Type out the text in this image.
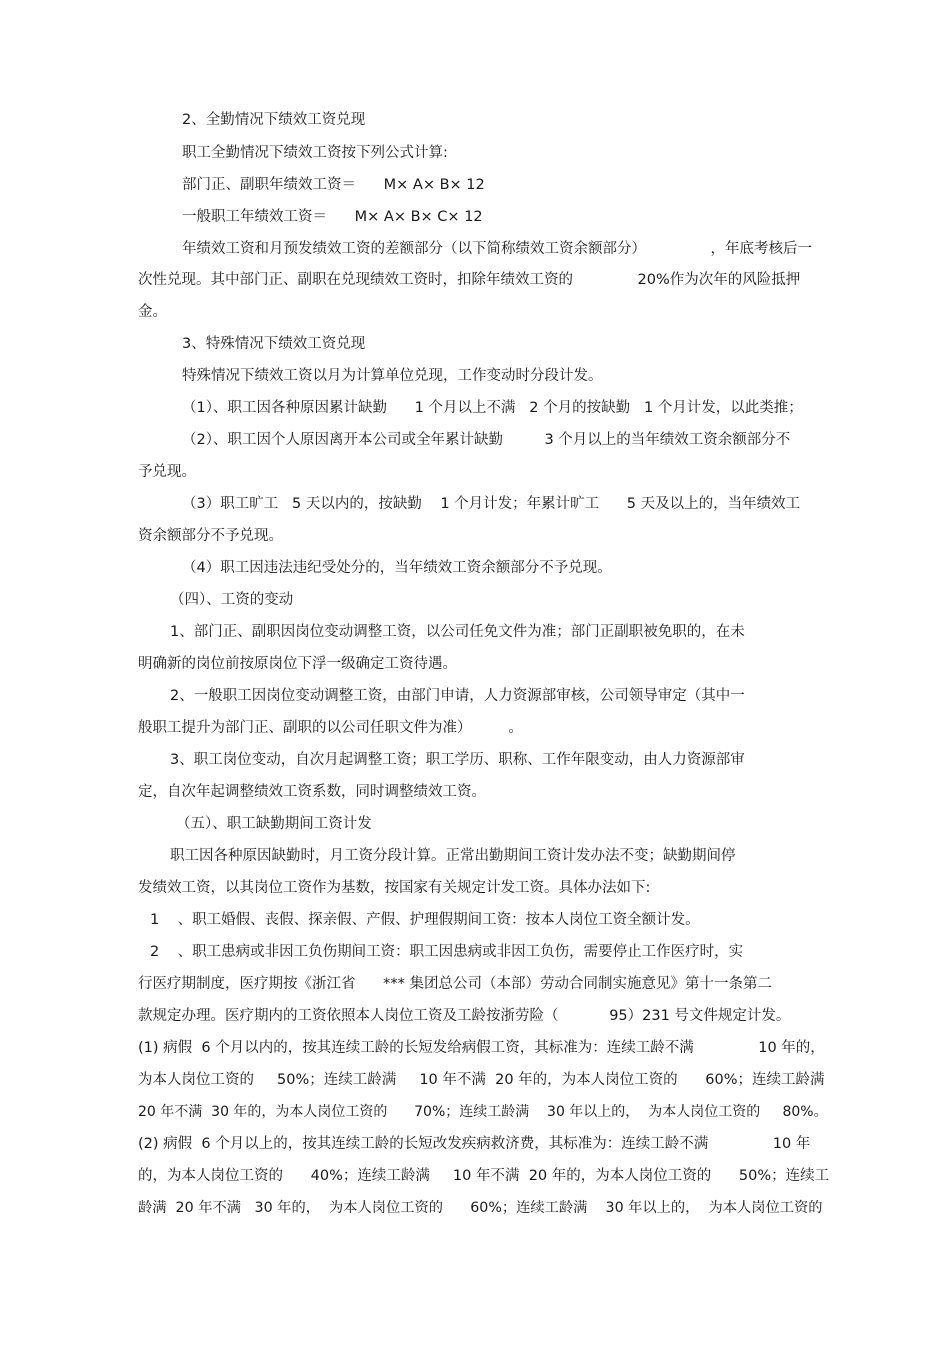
2、全勤情况下绩效工资兑现
职工全勤情况下绩效工资按下列公式计算:
部门正、副职年绩效工资＝      M× A× B× 12
一般职工年绩效工资＝      M× A× B× C× 12
年绩效工资和月预发绩效工资的差额部分（以下简称绩效工资余额部分）              ，年底考核后一
次性兑现。其中部门正、副职在兑现绩效工资时，扣除年绩效工资的              20%作为次年的风险抵押
金。
3、特殊情况下绩效工资兑现
特殊情况下绩效工资以月为计算单位兑现，工作变动时分段计发。
（1）、职工因各种原因累计缺勤      1 个月以上不满   2 个月的按缺勤   1 个月计发，以此类推；
（2）、职工因个人原因离开本公司或全年累计缺勤         3 个月以上的当年绩效工资余额部分不
予兑现。
（3）职工旷工   5 天以内的，按缺勤    1 个月计发；年累计旷工      5 天及以上的，当年绩效工
资余额部分不予兑现。
（4）职工因违法违纪受处分的，当年绩效工资余额部分不予兑现。
（四）、工资的变动
1、部门正、副职因岗位变动调整工资，以公司任免文件为准；部门正副职被免职的，在未
明确新的岗位前按原岗位下浮一级确定工资待遇。
2、一般职工因岗位变动调整工资，由部门申请，人力资源部审核，公司领导审定（其中一
般职工提升为部门正、副职的以公司任职文件为准）        。
3、职工岗位变动，自次月起调整工资；职工学历、职称、工作年限变动，由人力资源部审
定，自次年起调整绩效工资系数，同时调整绩效工资。
（五）、职工缺勤期间工资计发
职工因各种原因缺勤时，月工资分段计算。正常出勤期间工资计发办法不变；缺勤期间停
发绩效工资，以其岗位工资作为基数，按国家有关规定计发工资。具体办法如下:
1    、职工婚假、丧假、探亲假、产假、护理假期间工资：按本人岗位工资全额计发。
2    、职工患病或非因工负伤期间工资：职工因患病或非因工负伤，需要停止工作医疗时，实
行医疗期制度，医疗期按《浙江省      *** 集团总公司（本部）劳动合同制实施意见》第十一条第二
款规定办理。医疗期内的工资依照本人岗位工资及工龄按浙劳险（           95）231 号文件规定计发。
(1) 病假  6 个月以内的，按其连续工龄的长短发给病假工资，其标准为：连续工龄不满              10 年的，
为本人岗位工资的     50%；连续工龄满     10 年不满  20 年的，为本人岗位工资的      60%；连续工龄满
20 年不满  30 年的，为本人岗位工资的      70%；连续工龄满    30 年以上的，  为本人岗位工资的     80%。
(2) 病假  6 个月以上的，按其连续工龄的长短改发疾病救济费，其标准为：连续工龄不满              10 年
的，为本人岗位工资的      40%；连续工龄满     10 年不满  20 年的，为本人岗位工资的      50%；连续工
龄满  20 年不满   30 年的，  为本人岗位工资的      60%；连续工龄满    30 年以上的，  为本人岗位工资的
